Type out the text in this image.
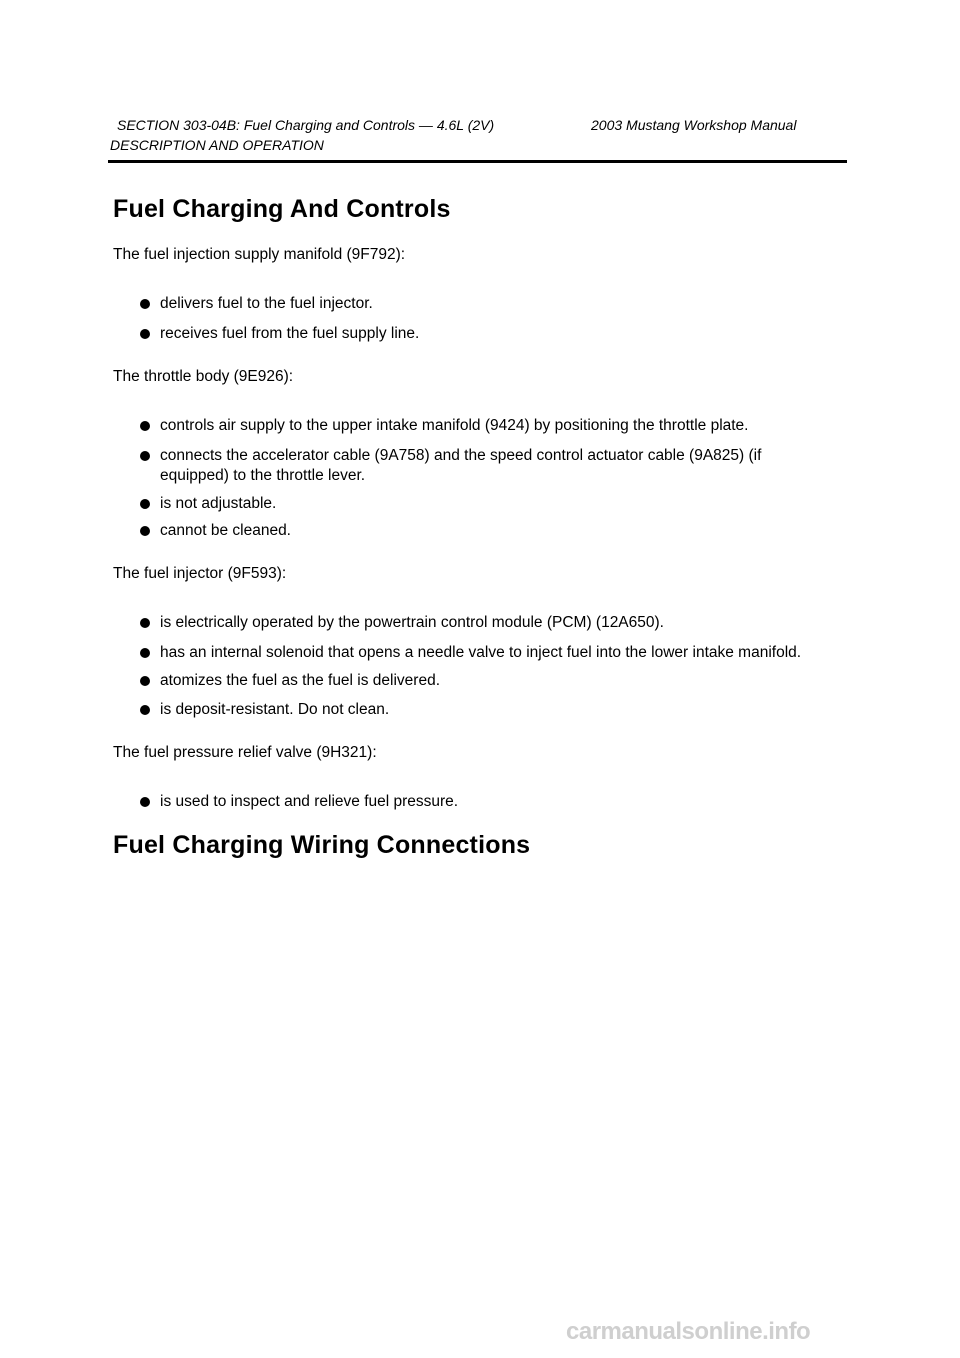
SECTION 303-04B: Fuel Charging and Controls — 4.6L (2V)	2003 Mustang Workshop Manual
DESCRIPTION AND OPERATION
Fuel Charging And Controls
The fuel injection supply manifold (9F792):
delivers fuel to the fuel injector.
receives fuel from the fuel supply line.
The throttle body (9E926):
controls air supply to the upper intake manifold (9424) by positioning the throttle plate.
connects the accelerator cable (9A758) and the speed control actuator cable (9A825) (if equipped) to the throttle lever.
is not adjustable.
cannot be cleaned.
The fuel injector (9F593):
is electrically operated by the powertrain control module (PCM) (12A650).
has an internal solenoid that opens a needle valve to inject fuel into the lower intake manifold.
atomizes the fuel as the fuel is delivered.
is deposit-resistant. Do not clean.
The fuel pressure relief valve (9H321):
is used to inspect and relieve fuel pressure.
Fuel Charging Wiring Connections
carmanualsonline.info
